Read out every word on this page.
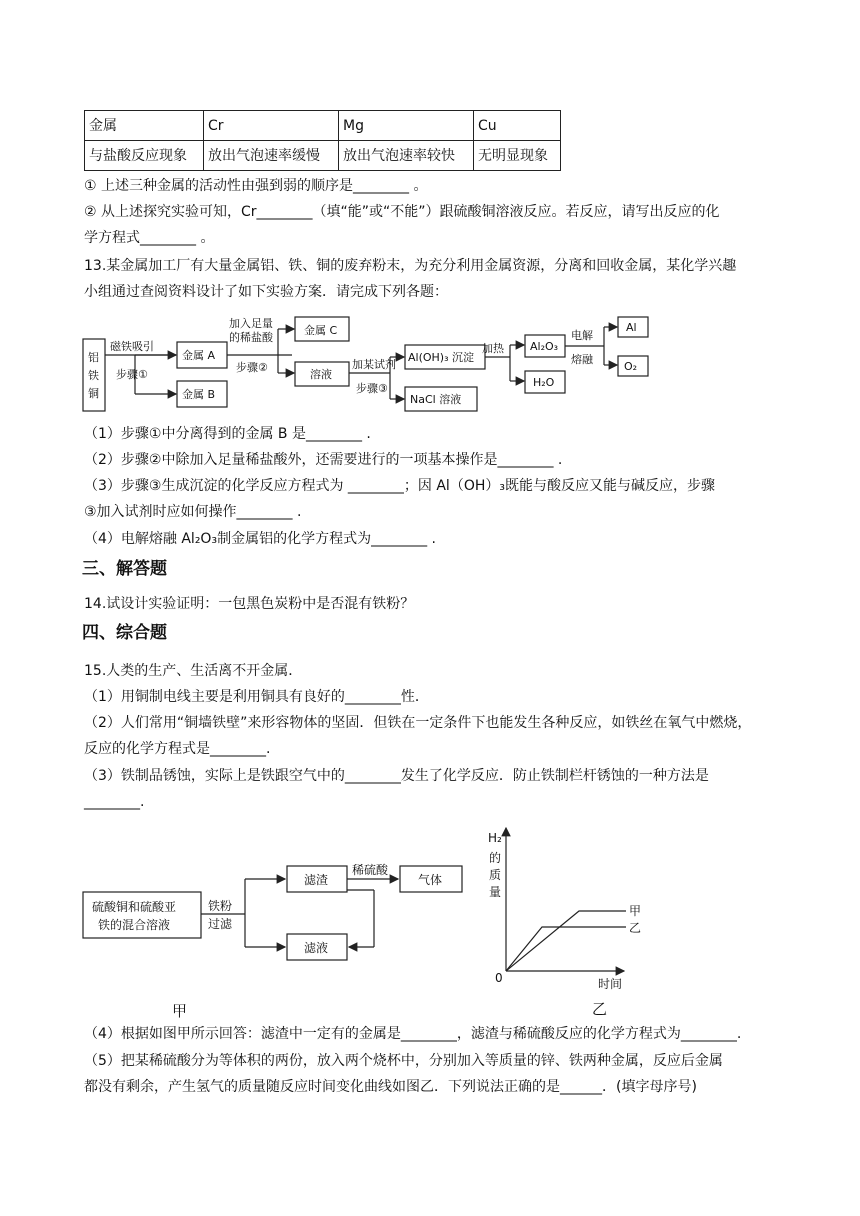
金属	Cr	Mg	Cu
与盐酸反应现象	放出气泡速率缓慢	放出气泡速率较快	无明显现象
① 上述三种金属的活动性由强到弱的顺序是________ 。
② 从上述探究实验可知，Cr________（填“能”或“不能”）跟硫酸铜溶液反应。若反应，请写出反应的化
学方程式________ 。
13.某金属加工厂有大量金属铝、铁、铜的废弃粉末，为充分利用金属资源，分离和回收金属，某化学兴趣
小组通过查阅资料设计了如下实验方案．请完成下列各题：
铝
铁
铜
磁铁吸引
步骤①
金属 A
金属 B
加入足量
的稀盐酸
步骤②
金属 C
溶液
加某试剂
步骤③
Al(OH)₃ 沉淀
NaCl 溶液
加热 Al₂O₃
H₂O
电解
熔融
Al
O₂
（1）步骤①中分离得到的金属 B 是________ .
（2）步骤②中除加入足量稀盐酸外，还需要进行的一项基本操作是________ .
（3）步骤③生成沉淀的化学反应方程式为 ________；因 Al（OH）₃既能与酸反应又能与碱反应，步骤
③加入试剂时应如何操作________ .
（4）电解熔融 Al₂O₃制金属铝的化学方程式为________ .
三、解答题
14.试设计实验证明：一包黑色炭粉中是否混有铁粉？
四、综合题
15.人类的生产、生活离不开金属．
（1）用铜制电线主要是利用铜具有良好的________性．
（2）人们常用“铜墙铁壁”来形容物体的坚固．但铁在一定条件下也能发生各种反应，如铁丝在氧气中燃烧，
反应的化学方程式是________.
（3）铁制品锈蚀，实际上是铁跟空气中的________发生了化学反应．防止铁制栏杆锈蚀的一种方法是
________.
硫酸铜和硫酸亚
铁的混合溶液
铁粉
过滤
滤渣
滤液
稀硫酸
气体
甲
H₂
的
质
量
0	时间
甲
乙
乙
（4）根据如图甲所示回答：滤渣中一定有的金属是________，滤渣与稀硫酸反应的化学方程式为________.
（5）把某稀硫酸分为等体积的两份，放入两个烧杯中，分别加入等质量的锌、铁两种金属，反应后金属
都没有剩余，产生氢气的质量随反应时间变化曲线如图乙．下列说法正确的是______．(填字母序号)
